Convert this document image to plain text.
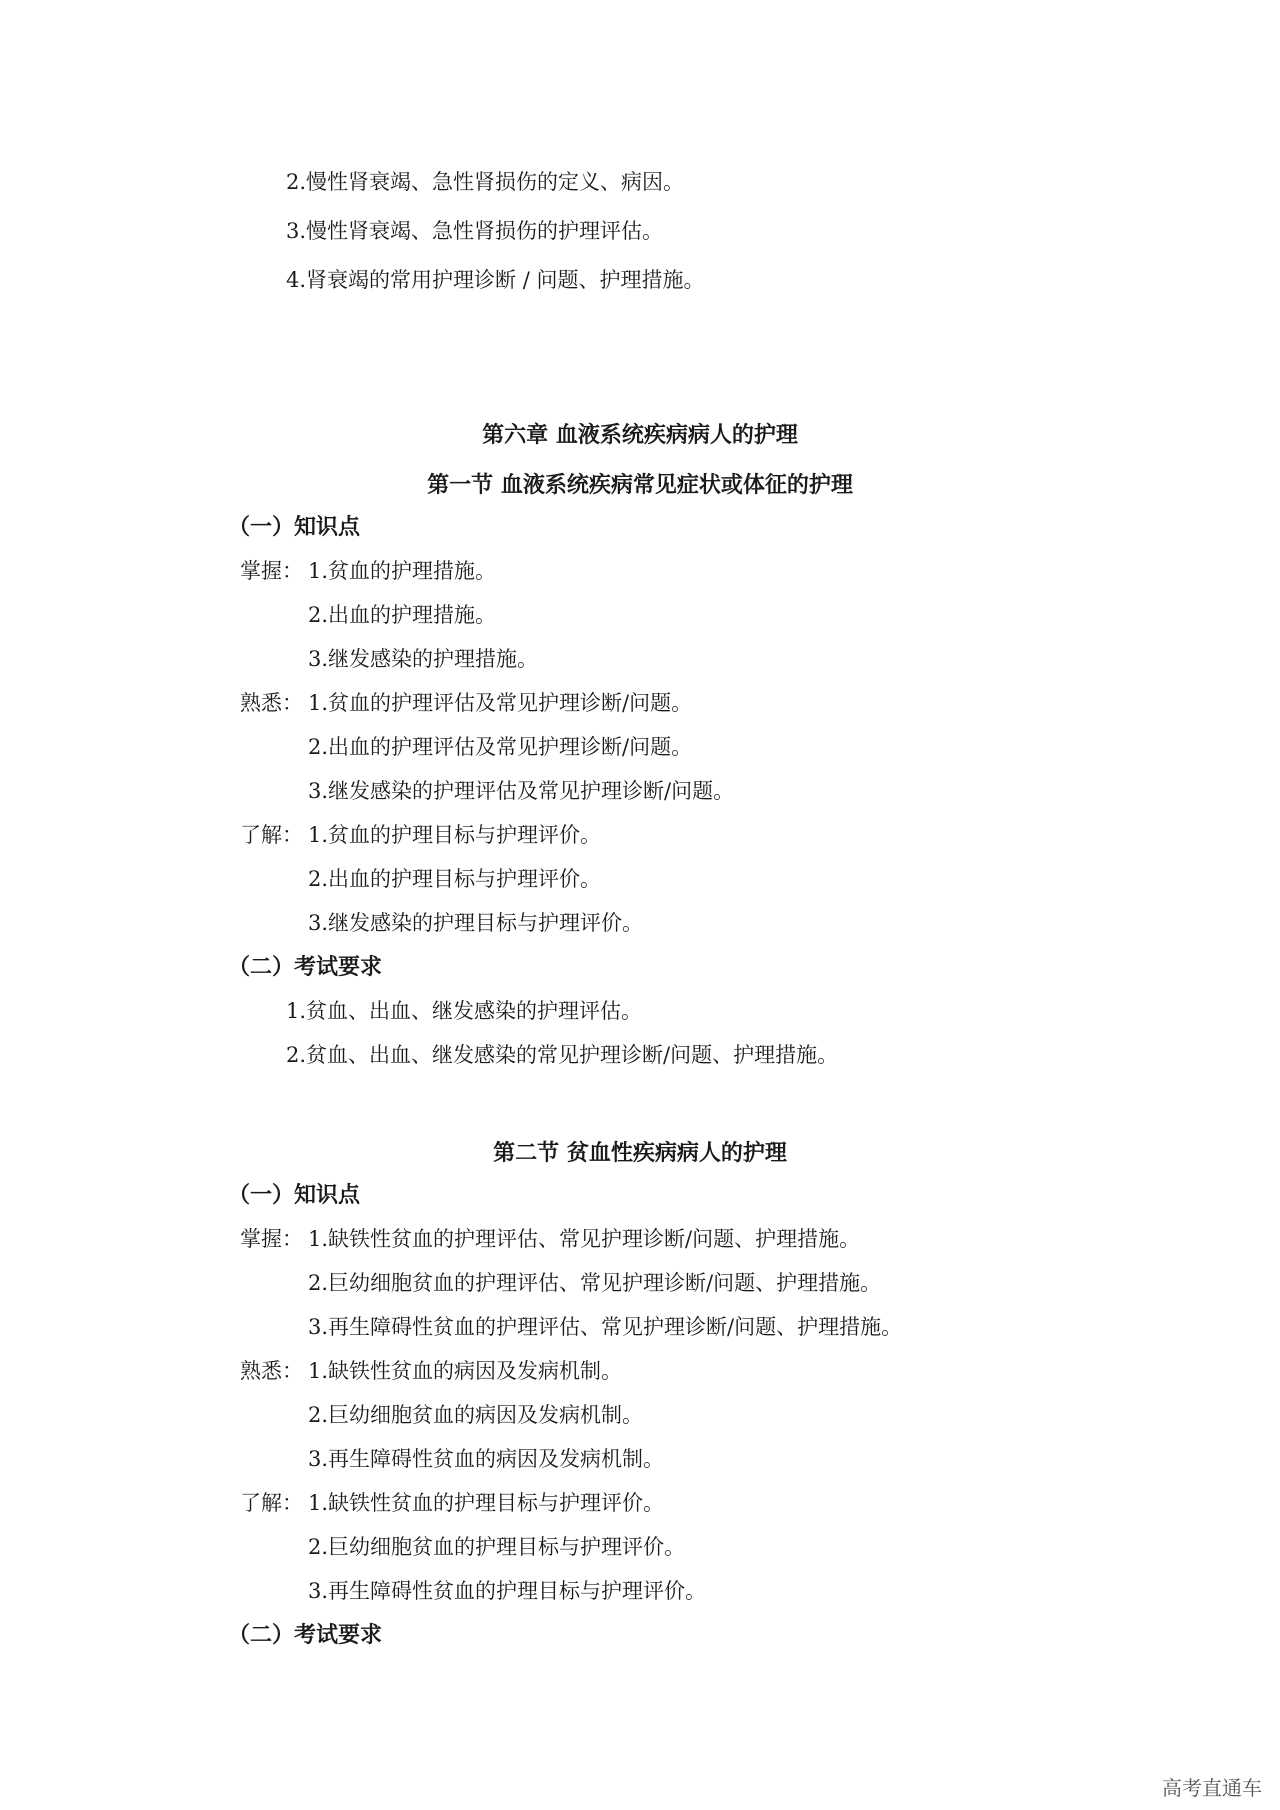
2.慢性肾衰竭、急性肾损伤的定义、病因。
3.慢性肾衰竭、急性肾损伤的护理评估。
4.肾衰竭的常用护理诊断 / 问题、护理措施。
第六章 血液系统疾病病人的护理
第一节 血液系统疾病常见症状或体征的护理
（一）知识点
掌握： 1.贫血的护理措施。
2.出血的护理措施。
3.继发感染的护理措施。
熟悉： 1.贫血的护理评估及常见护理诊断/问题。
2.出血的护理评估及常见护理诊断/问题。
3.继发感染的护理评估及常见护理诊断/问题。
了解： 1.贫血的护理目标与护理评价。
2.出血的护理目标与护理评价。
3.继发感染的护理目标与护理评价。
（二）考试要求
1.贫血、出血、继发感染的护理评估。
2.贫血、出血、继发感染的常见护理诊断/问题、护理措施。
第二节 贫血性疾病病人的护理
（一）知识点
掌握： 1.缺铁性贫血的护理评估、常见护理诊断/问题、护理措施。
2.巨幼细胞贫血的护理评估、常见护理诊断/问题、护理措施。
3.再生障碍性贫血的护理评估、常见护理诊断/问题、护理措施。
熟悉： 1.缺铁性贫血的病因及发病机制。
2.巨幼细胞贫血的病因及发病机制。
3.再生障碍性贫血的病因及发病机制。
了解： 1.缺铁性贫血的护理目标与护理评价。
2.巨幼细胞贫血的护理目标与护理评价。
3.再生障碍性贫血的护理目标与护理评价。
（二）考试要求
高考直通车
